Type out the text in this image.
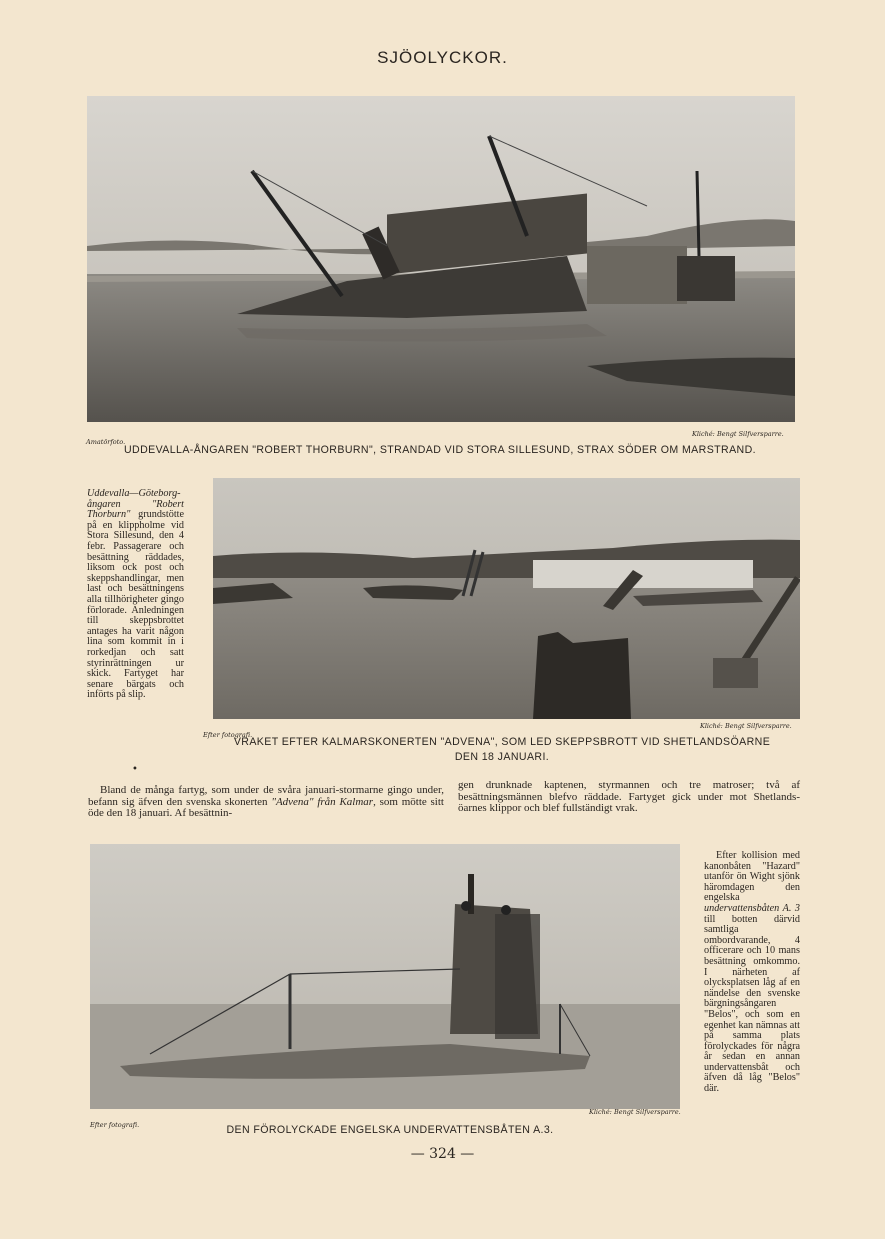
SJÖOLYCKOR.
Amatörfoto.
Kliché: Bengt Silfversparre.
UDDEVALLA-ÅNGAREN "ROBERT THORBURN", STRANDAD VID STORA SILLESUND, STRAX SÖDER OM MARSTRAND.
Uddevalla—Göteborg-ångaren "Robert Thorburn" grundstötte på en klippholme vid Stora Sillesund, den 4 febr. Passagerare och besättning räddades, liksom ock post och skeppshandlingar, men last och besättningens alla tillhörigheter gingo förlorade. Anledningen till skeppsbrottet antages ha varit någon lina som kommit in i rorkedjan och satt styrinrättningen ur skick. Fartyget har senare bärgats och införts på slip.
Efter fotografi.
Kliché: Bengt Silfversparre.
VRAKET EFTER KALMARSKONERTEN "ADVENA", SOM LED SKEPPSBROTT VID SHETLANDSÖARNE
DEN 18 JANUARI.
•
Bland de många fartyg, som under de svåra januari-stormarne gingo under, befann sig äfven den svenska skonerten "Advena" från Kalmar, som mötte sitt öde den 18 januari. Af besättnin-
gen drunknade kaptenen, styrmannen och tre matroser; två af besättningsmännen blefvo räddade. Fartyget gick under mot Shetlands-öarnes klippor och blef fullständigt vrak.
Efter fotografi.
Kliché: Bengt Silfversparre.
DEN FÖROLYCKADE ENGELSKA UNDERVATTENSBÅTEN A.3.
Efter kollision med kanonbåten "Hazard" utanför ön Wight sjönk häromdagen den engelska undervattensbåten A. 3 till botten därvid samtliga ombordvarande, 4 officerare och 10 mans besättning omkommo. I närheten af olycksplatsen låg af en nändelse den svenske bärgningsångaren "Belos", och som en egenhet kan nämnas att på samma plats förolyckades för några år sedan en annan undervattensbåt och äfven då låg "Belos" där.
— 324 —
